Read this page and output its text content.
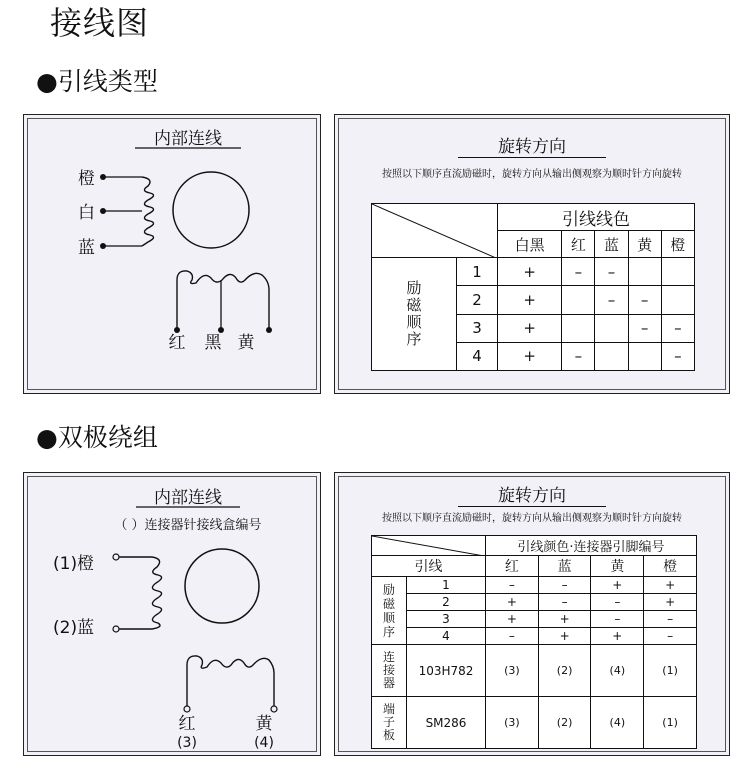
接线图
●引线类型
●双极绕组
内部连线
橙
白
蓝
红 黑 黄
旋转方向
按照以下顺序直流励磁时，旋转方向从输出侧观察为顺时针方向旋转
	引线线色				
		白黑	红	蓝	黄	橙

励
磁
顺
序	1	+	–	–		
	2	+		–	–	
	3	+			–	–
	4	+	–			–
内部连线
（ ）连接器针接线盒编号
(1)橙
(2)蓝
红
(3)
黄
(4)
旋转方向
按照以下顺序直流励磁时，旋转方向从输出侧观察为顺时针方向旋转
	引线颜色·连接器引脚编号			
引线		红	蓝	黄	橙

励
磁
顺
序	1	–	–	+	+
	2	+	–	–	+
	3	+	+	–	–
	4	–	+	+	–

连
接
器	103H782	(3)	(2)	(4)	(1)

端
子
板	SM286	(3)	(2)	(4)	(1)
